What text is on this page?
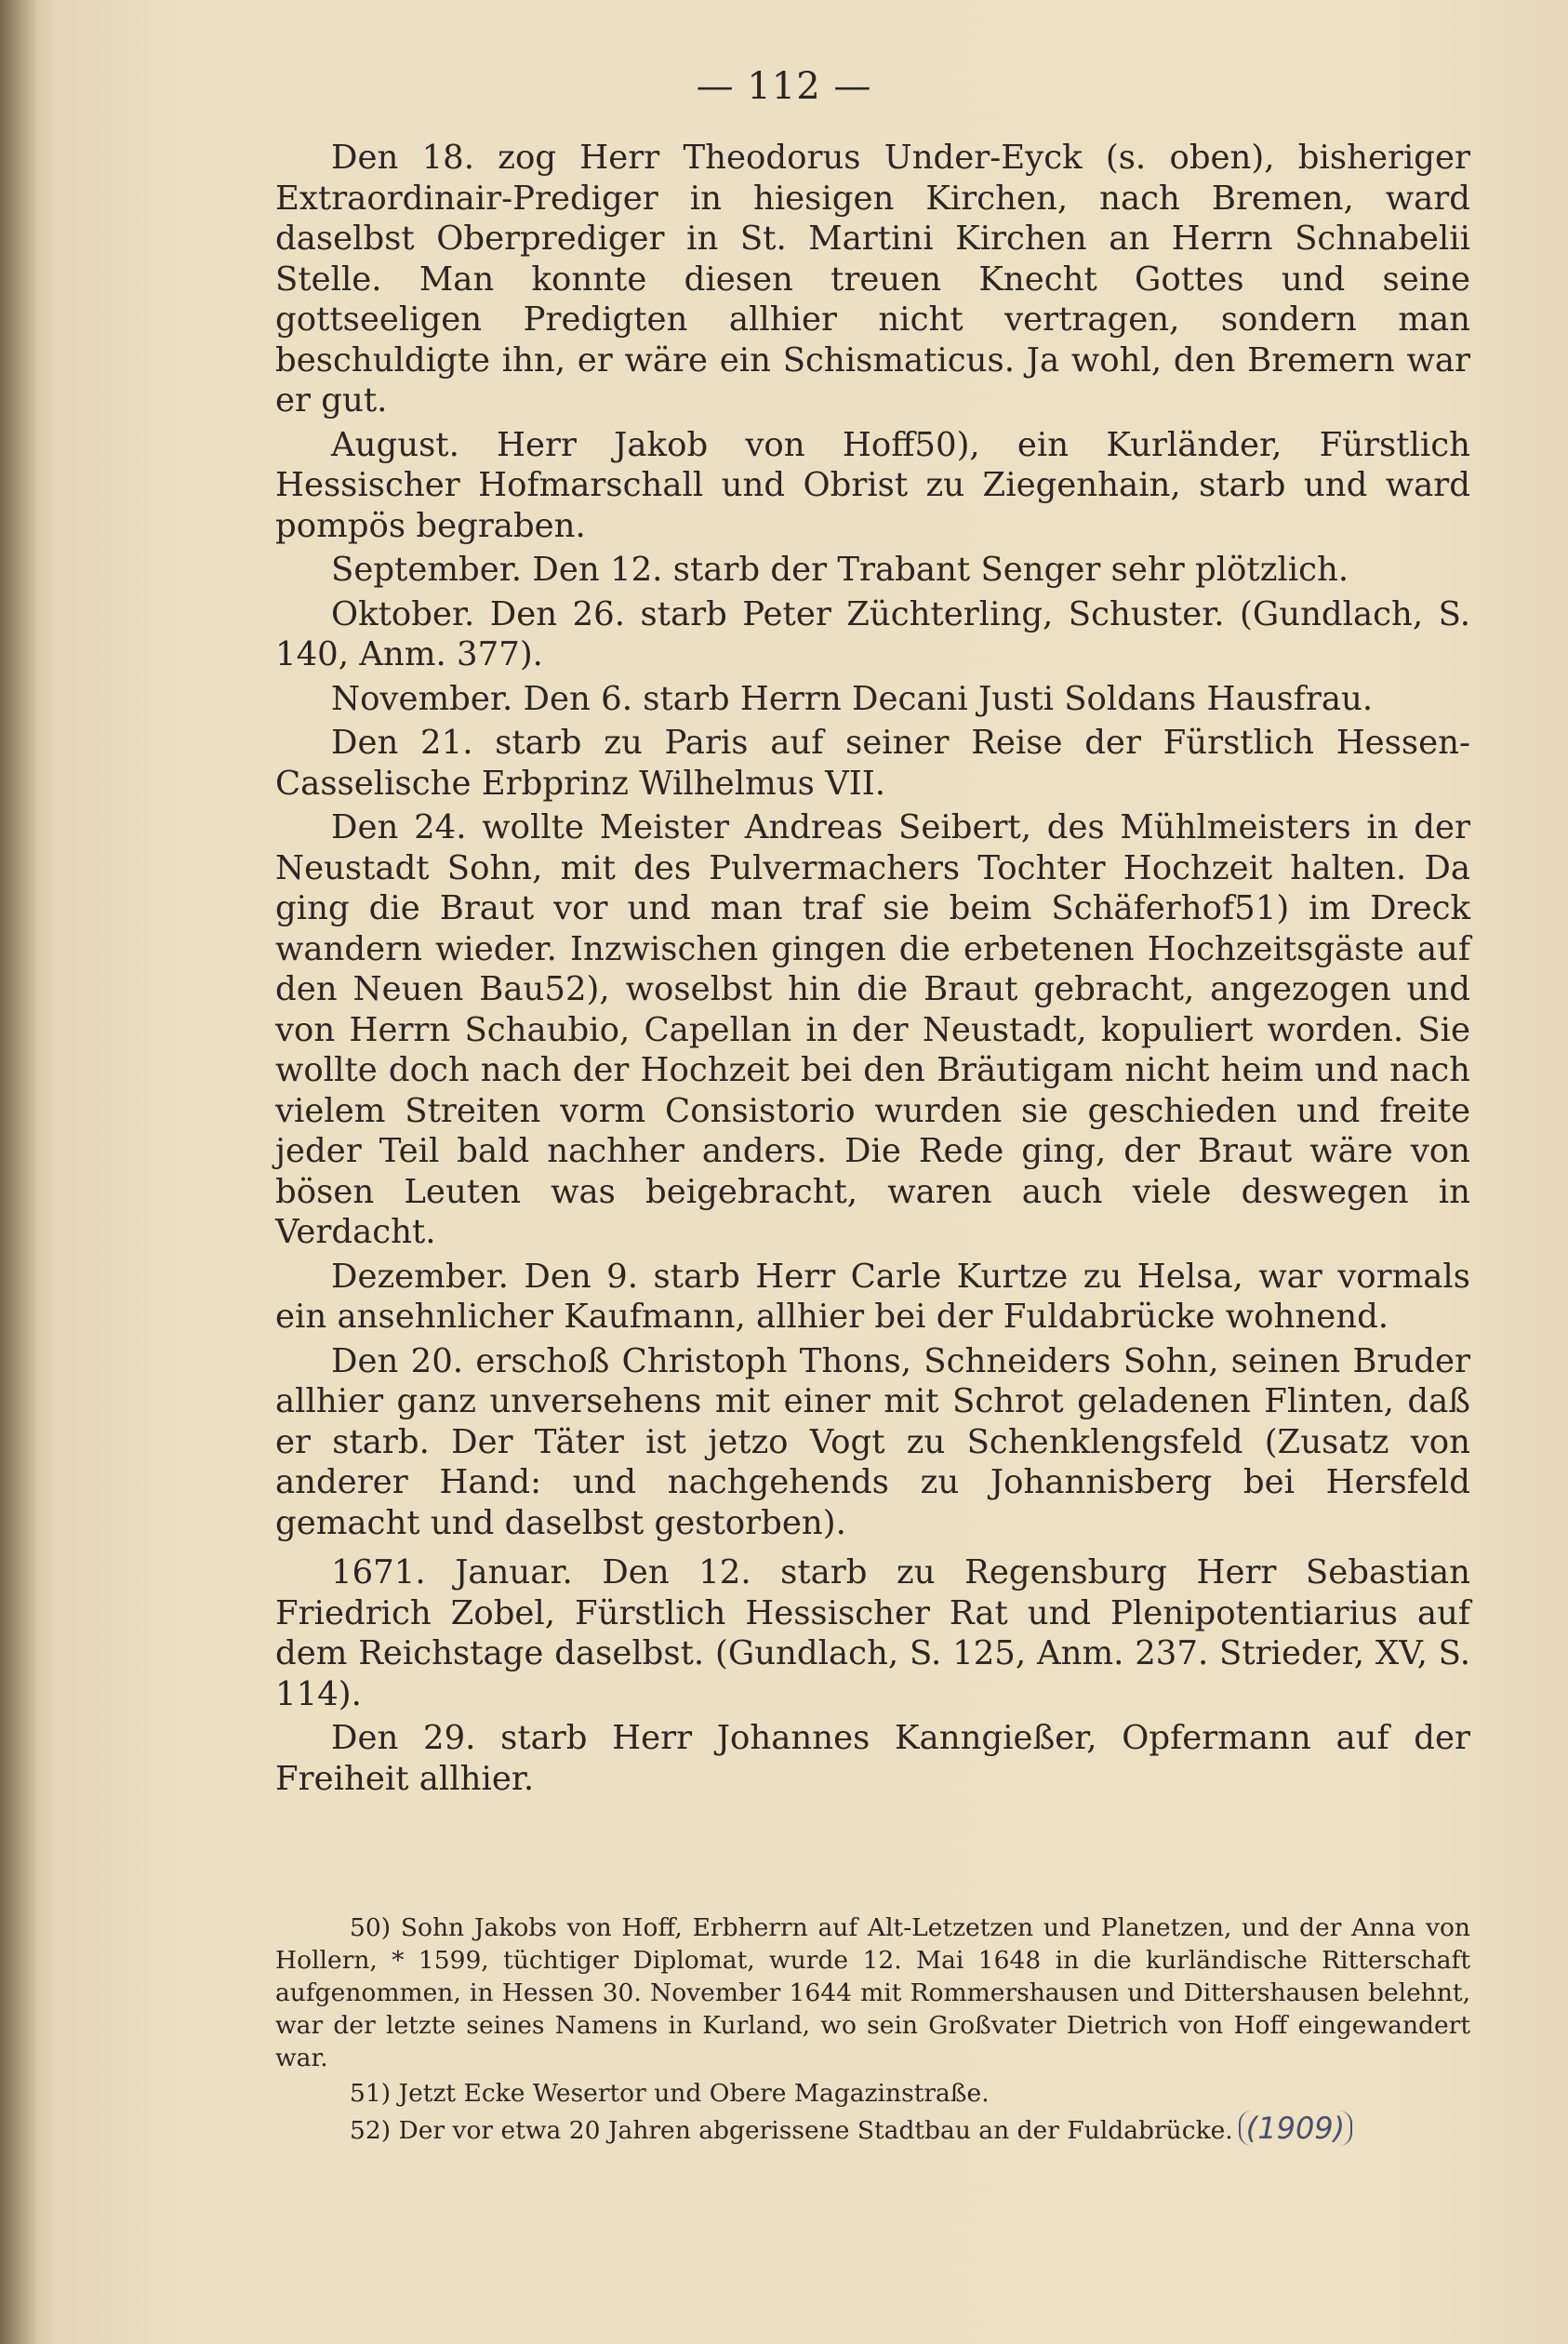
— 112 —

Den 18. zog Herr Theodorus Under-Eyck (s. oben), bisheriger Extraordinair-Prediger in hiesigen Kirchen, nach Bremen, ward daselbst Oberprediger in St. Martini Kirchen an Herrn Schnabelii Stelle. Man konnte diesen treuen Knecht Gottes und seine gottseeligen Predigten allhier nicht vertragen, sondern man beschuldigte ihn, er wäre ein Schismaticus. Ja wohl, den Bremern war er gut.

August. Herr Jakob von Hoff50), ein Kurländer, Fürstlich Hessischer Hofmarschall und Obrist zu Ziegenhain, starb und ward pompös begraben.

September. Den 12. starb der Trabant Senger sehr plötzlich.

Oktober. Den 26. starb Peter Züchterling, Schuster. (Gundlach, S. 140, Anm. 377).

November. Den 6. starb Herrn Decani Justi Soldans Hausfrau.

Den 21. starb zu Paris auf seiner Reise der Fürstlich Hessen-Casselische Erbprinz Wilhelmus VII.

Den 24. wollte Meister Andreas Seibert, des Mühlmeisters in der Neustadt Sohn, mit des Pulvermachers Tochter Hochzeit halten. Da ging die Braut vor und man traf sie beim Schäferhof51) im Dreck wandern wieder. Inzwischen gingen die erbetenen Hochzeitsgäste auf den Neuen Bau52), woselbst hin die Braut gebracht, angezogen und von Herrn Schaubio, Capellan in der Neustadt, kopuliert worden. Sie wollte doch nach der Hochzeit bei den Bräutigam nicht heim und nach vielem Streiten vorm Consistorio wurden sie geschieden und freite jeder Teil bald nachher anders. Die Rede ging, der Braut wäre von bösen Leuten was beigebracht, waren auch viele deswegen in Verdacht.

Dezember. Den 9. starb Herr Carle Kurtze zu Helsa, war vormals ein ansehnlicher Kaufmann, allhier bei der Fuldabrücke wohnend.

Den 20. erschoß Christoph Thons, Schneiders Sohn, seinen Bruder allhier ganz unversehens mit einer mit Schrot geladenen Flinten, daß er starb. Der Täter ist jetzo Vogt zu Schenklengsfeld (Zusatz von anderer Hand: und nachgehends zu Johannisberg bei Hersfeld gemacht und daselbst gestorben).

1671. Januar. Den 12. starb zu Regensburg Herr Sebastian Friedrich Zobel, Fürstlich Hessischer Rat und Plenipotentiarius auf dem Reichstage daselbst. (Gundlach, S. 125, Anm. 237. Strieder, XV, S. 114).

Den 29. starb Herr Johannes Kanngießer, Opfermann auf der Freiheit allhier.

50) Sohn Jakobs von Hoff, Erbherrn auf Alt-Letzetzen und Planetzen, und der Anna von Hollern, * 1599, tüchtiger Diplomat, wurde 12. Mai 1648 in die kurländische Ritterschaft aufgenommen, in Hessen 30. November 1644 mit Rommershausen und Dittershausen belehnt, war der letzte seines Namens in Kurland, wo sein Großvater Dietrich von Hoff eingewandert war.

51) Jetzt Ecke Wesertor und Obere Magazinstraße.

52) Der vor etwa 20 Jahren abgerissene Stadtbau an der Fuldabrücke. (1909)
